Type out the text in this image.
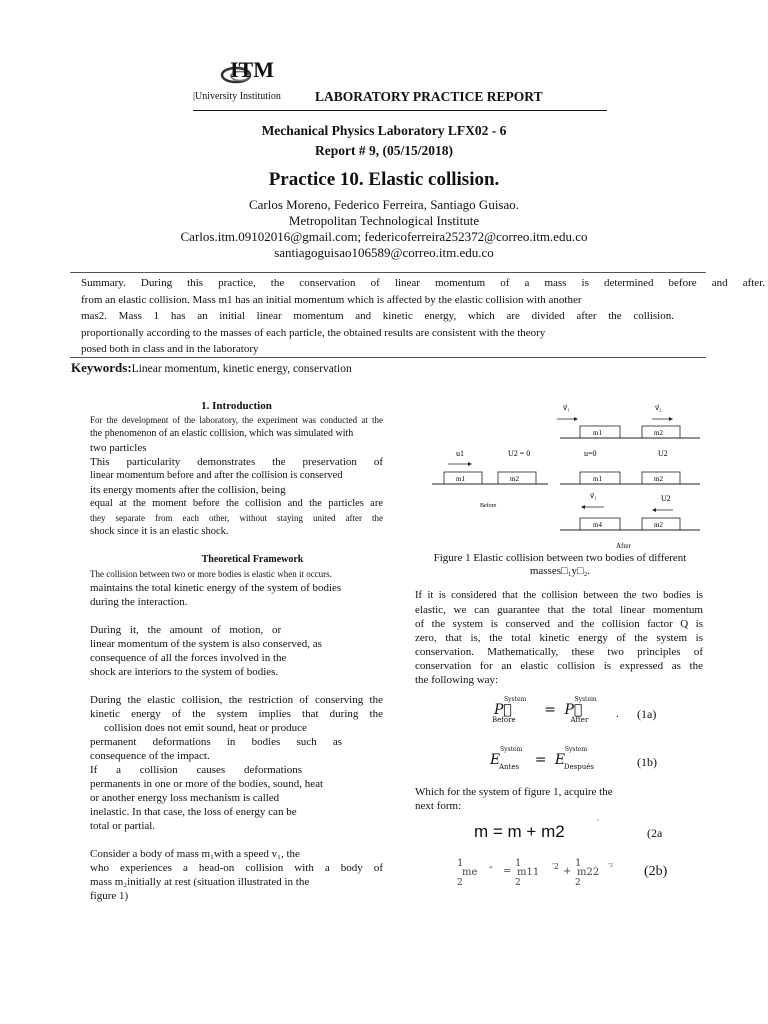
ITM
|University Institution	LABORATORY PRACTICE REPORT
Mechanical Physics Laboratory LFX02 - 6
Report # 9, (05/15/2018)
Practice 10. Elastic collision.
Carlos Moreno, Federico Ferreira, Santiago Guisao.
Metropolitan Technological Institute
Carlos.itm.09102016@gmail.com; federicoferreira252372@correo.itm.edu.co
santiagoguisao106589@correo.itm.edu.co
Summary. During this practice, the conservation of linear momentum of a mass is determined before and after.
from an elastic collision. Mass m1 has an initial momentum which is affected by the elastic collision with another
mas2. Mass 1 has an initial linear momentum and kinetic energy, which are divided after the collision.
proportionally according to the masses of each particle, the obtained results are consistent with the theory
posed both in class and in the laboratory
Keywords:Linear momentum, kinetic energy, conservation
1. Introduction
For the development of the laboratory, the experiment was conducted at the
the phenomenon of an elastic collision, which was simulated with
two particles
This particularity demonstrates the preservation of
linear momentum before and after the collision is conserved
its energy moments after the collision, being
equal at the moment before the collision and the particles are
they separate from each other, without staying united after the
shock since it is an elastic shock.
Theoretical Framework
The collision between two or more bodies is elastic when it occurs.
maintains the total kinetic energy of the system of bodies
during the interaction.
During it, the amount of motion, or
linear momentum of the system is also conserved, as
consequence of all the forces involved in the
shock are interiors to the system of bodies.
During the elastic collision, the restriction of conserving the
kinetic energy of the system implies that during the
collision does not emit sound, heat or produce
permanent deformations in bodies such as
consequence of the impact.
If a collision causes deformations
permanents in one or more of the bodies, sound, heat
or another energy loss mechanism is called
inelastic. In that case, the loss of energy can be
total or partial.
Consider a body of mass m₁with a speed v₁, the
who experiences a head-on collision with a body of
mass m₂initially at rest (situation illustrated in the
figure 1)
v⃗₁	v⃗₂
m1	m2
u1	U2 = 0	u=0	U2
m1	m2	m1	m2
Before
v⃗₁	U2
m4	m2
After
Figure 1 Elastic collision between two bodies of different
masses□₁y□₂.
If it is considered that the collision between the two bodies is
elastic, we can guarantee that the total linear momentum
of the system is conserved and the collision factor Q is
zero, that is, the total kinetic energy of the system is
conservation. Mathematically, these two principles of
conservation for an elastic collision is expressed as the
the following way:
P⃗
System
Before
= P⃗
System
After	. (1a)
E
System
Antes = E
System
Después	(1b)
Which for the system of figure 1, acquire the
next form:
m = m + m2	′
(2a
1
me
2
″ =
1
m11
2
′2 +
1
m22
2
′² (2b)
